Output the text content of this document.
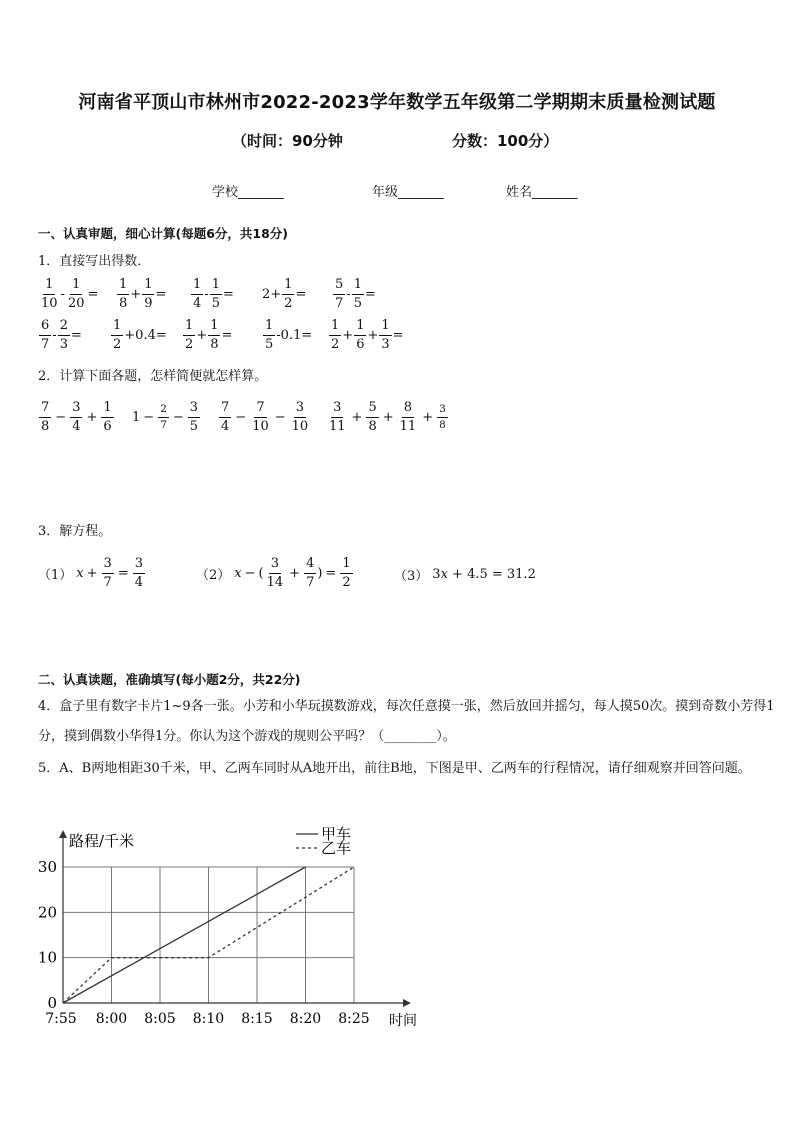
河南省平顶山市林州市2022-2023学年数学五年级第二学期期末质量检测试题
（时间：90分钟	分数：100分）
学校_______	年级_______	姓名_______
一、认真审题，细心计算(每题6分，共18分)
1．直接写出得数．
$\frac{1}{10} - \frac{1}{20} = \frac{1}{8} + \frac{1}{9} = \frac{1}{4} - \frac{1}{5} = 2+ \frac{1}{2} = \frac{5}{7} - \frac{1}{5}$ =
$\frac{6}{7} - \frac{2}{3} = \frac{1}{2} +0.4= \frac{1}{2} + \frac{1}{8} = \frac{1}{5} -0.1= \frac{1}{2} + \frac{1}{6} + \frac{1}{3}$ =
2．计算下面各题，怎样简便就怎样算。
$\frac{7}{8} - \frac{3}{4} + \frac{1}{6} 1 - \frac{2}{7} - \frac{3}{5} \frac{7}{4} - \frac{7}{10} - \frac{3}{10} \frac{3}{11} + \frac{5}{8} + \frac{8}{11} + \frac{3}{8}$
3．解方程。
（1） $x + \frac{3}{7} = \frac{3}{4}$	（2） x − ( $\frac{3}{14} + \frac{4}{7}$ ) = $\frac{1}{2}$	（3） 3x + 4.5 = 31.2
二、认真读题，准确填写(每小题2分，共22分)
4．盒子里有数字卡片1~9各一张。小芳和小华玩摸数游戏，每次任意摸一张，然后放回并摇匀，每人摸50次。摸到奇数小芳得1分，摸到偶数小华得1分。你认为这个游戏的规则公平吗？（________）。
5．A、B两地相距30千米，甲、乙两车同时从A地开出，前往B地，下图是甲、乙两车的行程情况，请仔细观察并回答问题。
0
10
20
30
7:55 8:00 8:05 8:10 8:15 8:20 8:25
路程/千米
时间
甲车
乙车
